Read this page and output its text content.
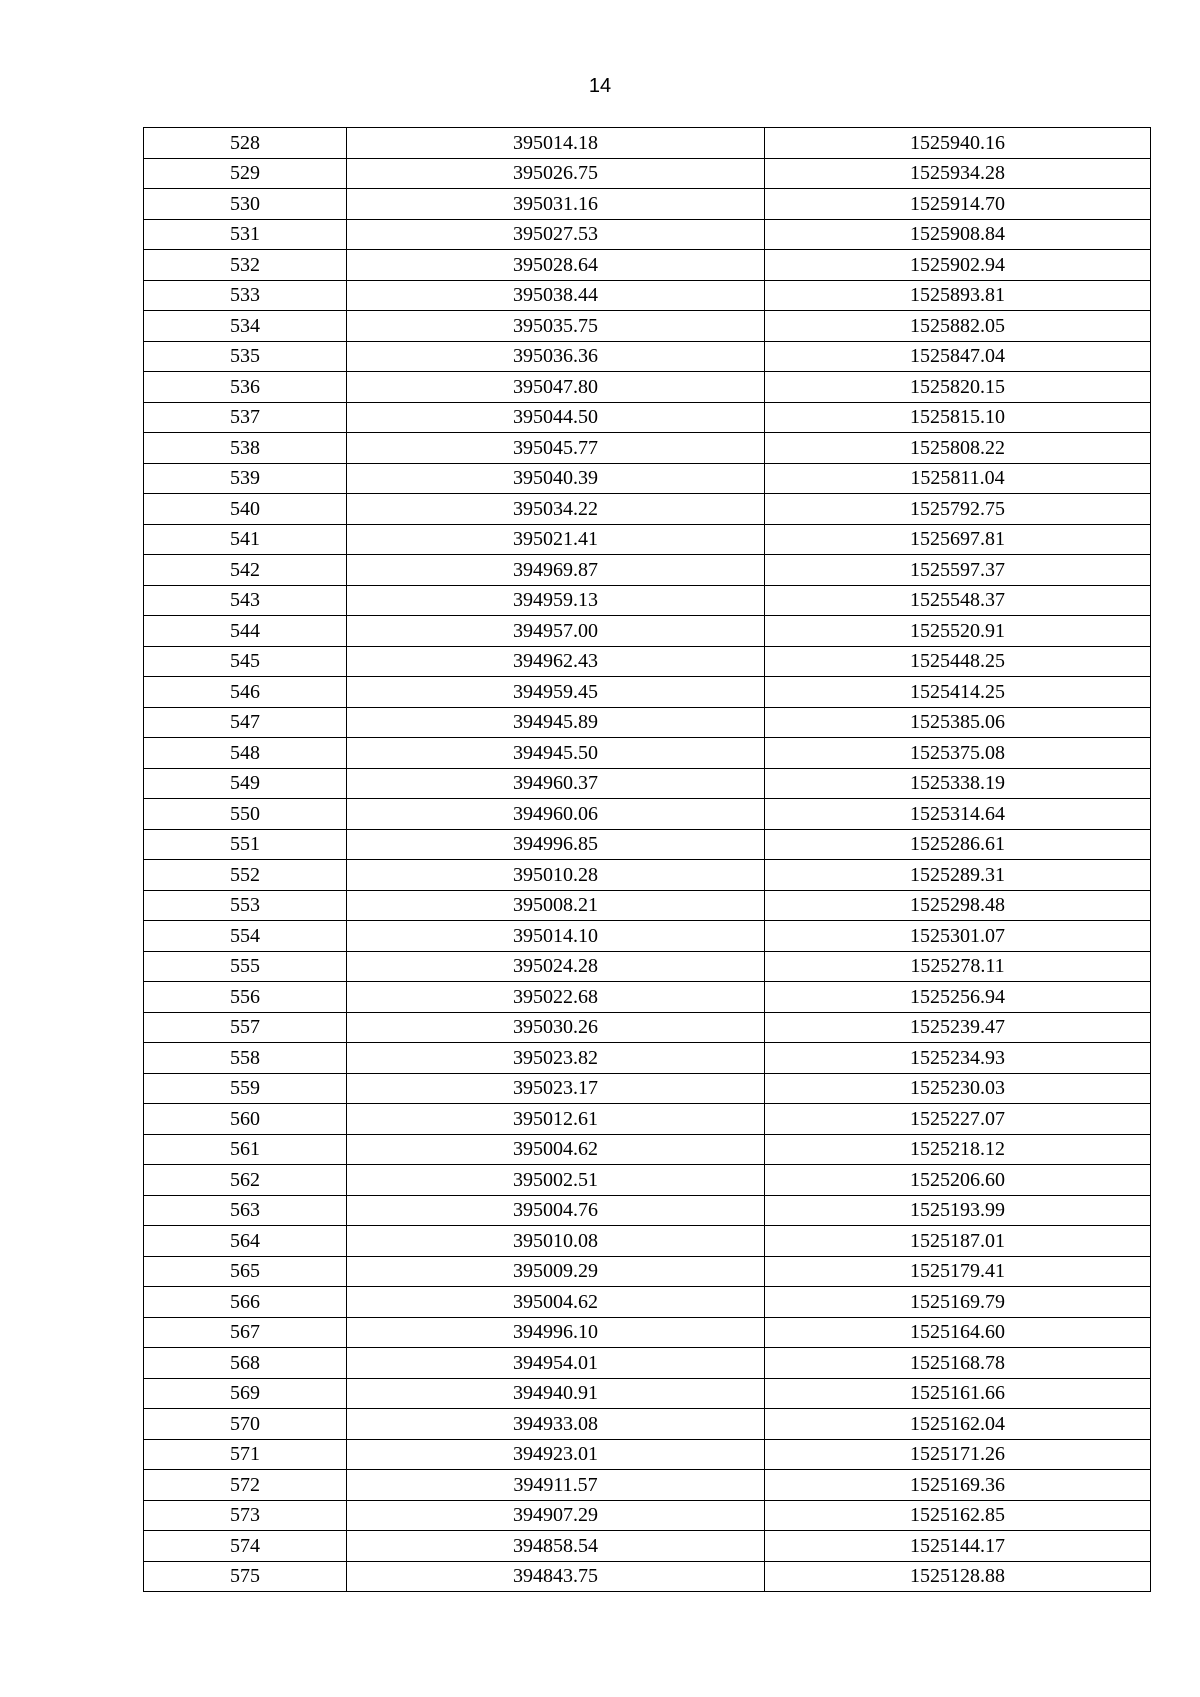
14
528	395014.18	1525940.16
529	395026.75	1525934.28
530	395031.16	1525914.70
531	395027.53	1525908.84
532	395028.64	1525902.94
533	395038.44	1525893.81
534	395035.75	1525882.05
535	395036.36	1525847.04
536	395047.80	1525820.15
537	395044.50	1525815.10
538	395045.77	1525808.22
539	395040.39	1525811.04
540	395034.22	1525792.75
541	395021.41	1525697.81
542	394969.87	1525597.37
543	394959.13	1525548.37
544	394957.00	1525520.91
545	394962.43	1525448.25
546	394959.45	1525414.25
547	394945.89	1525385.06
548	394945.50	1525375.08
549	394960.37	1525338.19
550	394960.06	1525314.64
551	394996.85	1525286.61
552	395010.28	1525289.31
553	395008.21	1525298.48
554	395014.10	1525301.07
555	395024.28	1525278.11
556	395022.68	1525256.94
557	395030.26	1525239.47
558	395023.82	1525234.93
559	395023.17	1525230.03
560	395012.61	1525227.07
561	395004.62	1525218.12
562	395002.51	1525206.60
563	395004.76	1525193.99
564	395010.08	1525187.01
565	395009.29	1525179.41
566	395004.62	1525169.79
567	394996.10	1525164.60
568	394954.01	1525168.78
569	394940.91	1525161.66
570	394933.08	1525162.04
571	394923.01	1525171.26
572	394911.57	1525169.36
573	394907.29	1525162.85
574	394858.54	1525144.17
575	394843.75	1525128.88
